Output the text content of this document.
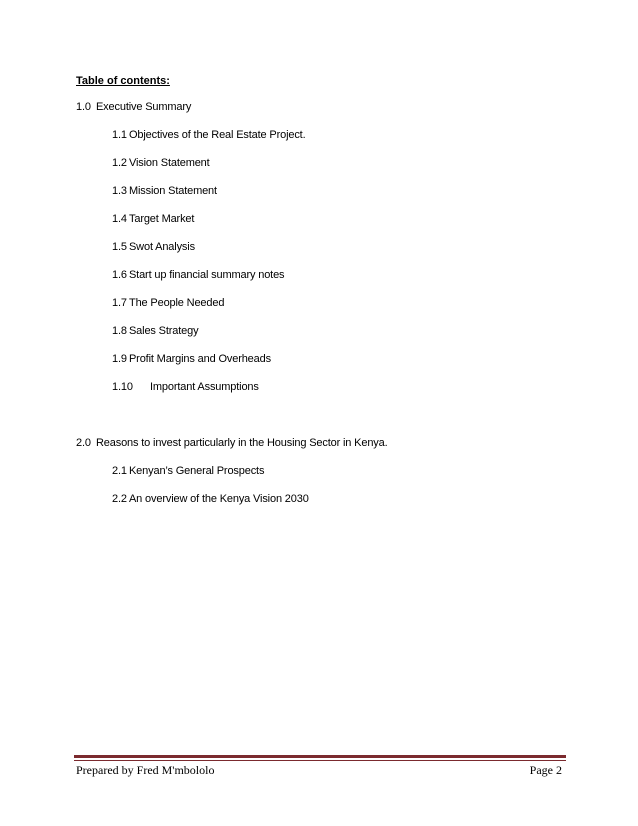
Table of contents:
1.0 Executive Summary
1.1 Objectives of the Real Estate Project.
1.2 Vision Statement
1.3 Mission Statement
1.4 Target Market
1.5 Swot Analysis
1.6 Start up financial summary notes
1.7 The People Needed
1.8 Sales Strategy
1.9 Profit Margins and Overheads
1.10 Important Assumptions
2.0 Reasons to invest particularly in the Housing Sector in Kenya.
2.1 Kenyan’s General Prospects
2.2 An overview of the Kenya Vision 2030
Prepared by Fred M'mbololo	Page 2
